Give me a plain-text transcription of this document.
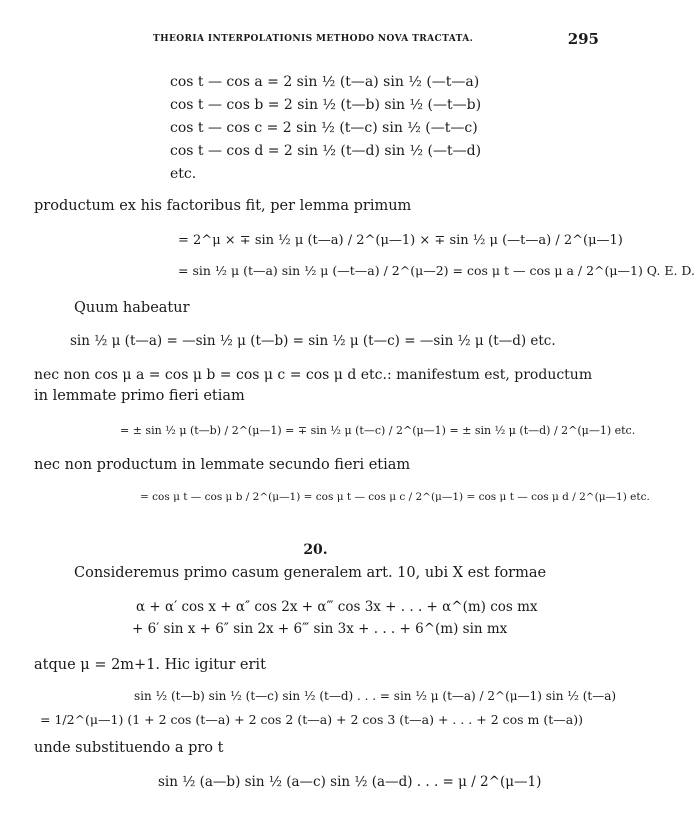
THEORIA INTERPOLATIONIS METHODO NOVA TRACTATA.	295
cos t — cos a = 2 sin ½ (t—a) sin ½ (—t—a)
cos t — cos b = 2 sin ½ (t—b) sin ½ (—t—b)
cos t — cos c = 2 sin ½ (t—c) sin ½ (—t—c)
cos t — cos d = 2 sin ½ (t—d) sin ½ (—t—d)
etc.
productum ex his factoribus fit, per lemma primum
= 2^μ × ∓ sin ½ μ (t—a) / 2^(μ—1) × ∓ sin ½ μ (—t—a) / 2^(μ—1)
= sin ½ μ (t—a) sin ½ μ (—t—a) / 2^(μ—2) = cos μ t — cos μ a / 2^(μ—1) Q. E. D.
Quum habeatur
sin ½ μ (t—a) = —sin ½ μ (t—b) = sin ½ μ (t—c) = —sin ½ μ (t—d) etc.
nec non cos μ a = cos μ b = cos μ c = cos μ d etc.: manifestum est, productum
in lemmate primo fieri etiam
= ± sin ½ μ (t—b) / 2^(μ—1) = ∓ sin ½ μ (t—c) / 2^(μ—1) = ± sin ½ μ (t—d) / 2^(μ—1) etc.
nec non productum in lemmate secundo fieri etiam
= cos μ t — cos μ b / 2^(μ—1) = cos μ t — cos μ c / 2^(μ—1) = cos μ t — cos μ d / 2^(μ—1) etc.
20.
Consideremus primo casum generalem art. 10, ubi X est formae
α + α′ cos x + α″ cos 2x + α‴ cos 3x + . . . + α^(m) cos mx
+ 6′ sin x + 6″ sin 2x + 6‴ sin 3x + . . . + 6^(m) sin mx
atque μ = 2m+1. Hic igitur erit
sin ½ (t—b) sin ½ (t—c) sin ½ (t—d) . . . = sin ½ μ (t—a) / 2^(μ—1) sin ½ (t—a)
= 1/2^(μ—1) (1 + 2 cos (t—a) + 2 cos 2 (t—a) + 2 cos 3 (t—a) + . . . + 2 cos m (t—a))
unde substituendo a pro t
sin ½ (a—b) sin ½ (a—c) sin ½ (a—d) . . . = μ / 2^(μ—1)
